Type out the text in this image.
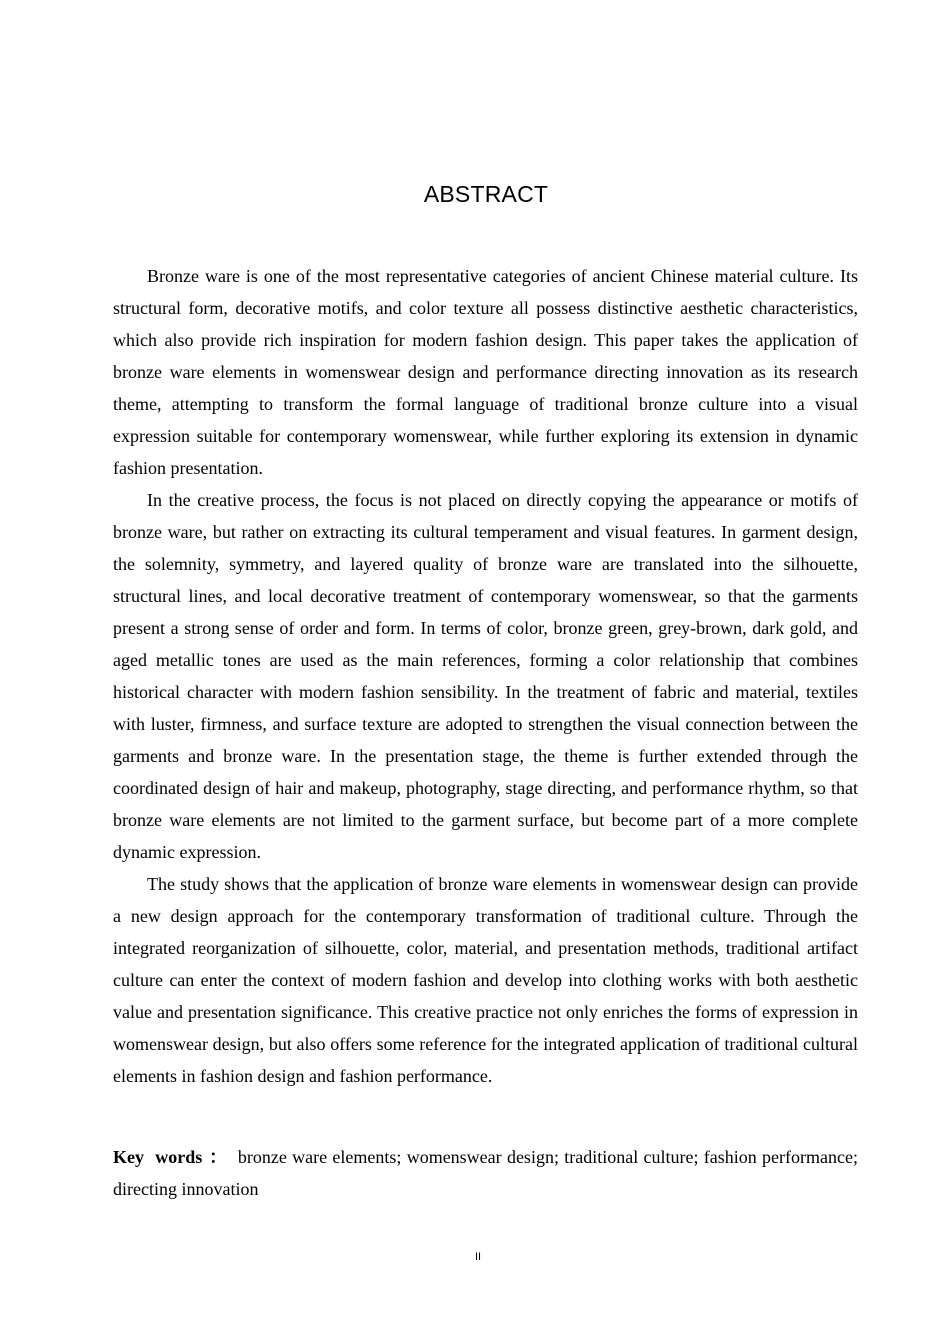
ABSTRACT

Bronze ware is one of the most representative categories of ancient Chinese material culture. Its structural form, decorative motifs, and color texture all possess distinctive aesthetic characteristics, which also provide rich inspiration for modern fashion design. This paper takes the application of bronze ware elements in womenswear design and performance directing innovation as its research theme, attempting to transform the formal language of traditional bronze culture into a visual expression suitable for contemporary womenswear, while further exploring its extension in dynamic fashion presentation.

In the creative process, the focus is not placed on directly copying the appearance or motifs of bronze ware, but rather on extracting its cultural temperament and visual features. In garment design, the solemnity, symmetry, and layered quality of bronze ware are translated into the silhouette, structural lines, and local decorative treatment of contemporary womenswear, so that the garments present a strong sense of order and form. In terms of color, bronze green, grey-brown, dark gold, and aged metallic tones are used as the main references, forming a color relationship that combines historical character with modern fashion sensibility. In the treatment of fabric and material, textiles with luster, firmness, and surface texture are adopted to strengthen the visual connection between the garments and bronze ware. In the presentation stage, the theme is further extended through the coordinated design of hair and makeup, photography, stage directing, and performance rhythm, so that bronze ware elements are not limited to the garment surface, but become part of a more complete dynamic expression.

The study shows that the application of bronze ware elements in womenswear design can provide a new design approach for the contemporary transformation of traditional culture. Through the integrated reorganization of silhouette, color, material, and presentation methods, traditional artifact culture can enter the context of modern fashion and develop into clothing works with both aesthetic value and presentation significance. This creative practice not only enriches the forms of expression in womenswear design, but also offers some reference for the integrated application of traditional cultural elements in fashion design and fashion performance.

Key words ： bronze ware elements; womenswear design; traditional culture; fashion performance; directing innovation
II
